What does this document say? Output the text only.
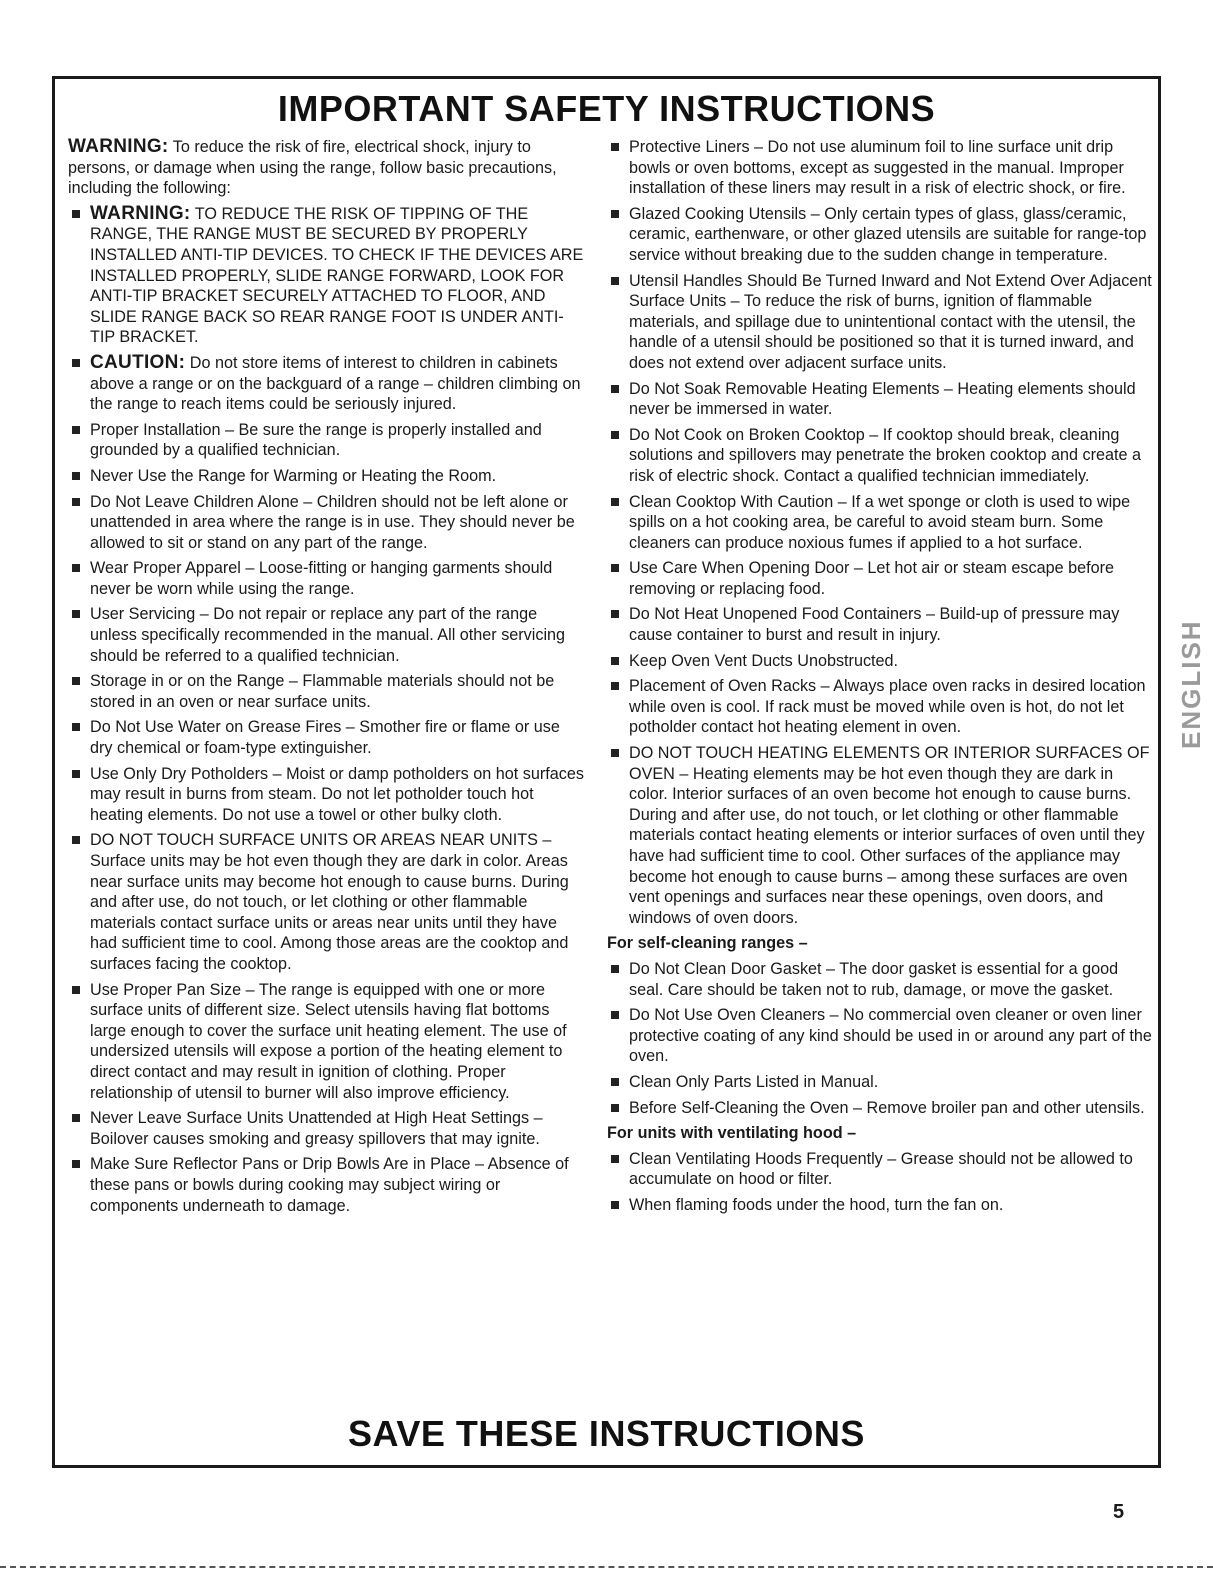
IMPORTANT SAFETY INSTRUCTIONS

WARNING: To reduce the risk of fire, electrical shock, injury to persons, or damage when using the range, follow basic precautions, including the following:

WARNING: TO REDUCE THE RISK OF TIPPING OF THE RANGE, THE RANGE MUST BE SECURED BY PROPERLY INSTALLED ANTI-TIP DEVICES. TO CHECK IF THE DEVICES ARE INSTALLED PROPERLY, SLIDE RANGE FORWARD, LOOK FOR ANTI-TIP BRACKET SECURELY ATTACHED TO FLOOR, AND SLIDE RANGE BACK SO REAR RANGE FOOT IS UNDER ANTI-TIP BRACKET.
CAUTION: Do not store items of interest to children in cabinets above a range or on the backguard of a range – children climbing on the range to reach items could be seriously injured.
Proper Installation – Be sure the range is properly installed and grounded by a qualified technician.
Never Use the Range for Warming or Heating the Room.
Do Not Leave Children Alone – Children should not be left alone or unattended in area where the range is in use. They should never be allowed to sit or stand on any part of the range.
Wear Proper Apparel – Loose-fitting or hanging garments should never be worn while using the range.
User Servicing – Do not repair or replace any part of the range unless specifically recommended in the manual. All other servicing should be referred to a qualified technician.
Storage in or on the Range – Flammable materials should not be stored in an oven or near surface units.
Do Not Use Water on Grease Fires – Smother fire or flame or use dry chemical or foam-type extinguisher.
Use Only Dry Potholders – Moist or damp potholders on hot surfaces may result in burns from steam. Do not let potholder touch hot heating elements. Do not use a towel or other bulky cloth.
DO NOT TOUCH SURFACE UNITS OR AREAS NEAR UNITS – Surface units may be hot even though they are dark in color. Areas near surface units may become hot enough to cause burns. During and after use, do not touch, or let clothing or other flammable materials contact surface units or areas near units until they have had sufficient time to cool. Among those areas are the cooktop and surfaces facing the cooktop.
Use Proper Pan Size – The range is equipped with one or more surface units of different size. Select utensils having flat bottoms large enough to cover the surface unit heating element. The use of undersized utensils will expose a portion of the heating element to direct contact and may result in ignition of clothing. Proper relationship of utensil to burner will also improve efficiency.
Never Leave Surface Units Unattended at High Heat Settings – Boilover causes smoking and greasy spillovers that may ignite.
Make Sure Reflector Pans or Drip Bowls Are in Place – Absence of these pans or bowls during cooking may subject wiring or components underneath to damage.
Protective Liners – Do not use aluminum foil to line surface unit drip bowls or oven bottoms, except as suggested in the manual. Improper installation of these liners may result in a risk of electric shock, or fire.
Glazed Cooking Utensils – Only certain types of glass, glass/ceramic, ceramic, earthenware, or other glazed utensils are suitable for range-top service without breaking due to the sudden change in temperature.
Utensil Handles Should Be Turned Inward and Not Extend Over Adjacent Surface Units – To reduce the risk of burns, ignition of flammable materials, and spillage due to unintentional contact with the utensil, the handle of a utensil should be positioned so that it is turned inward, and does not extend over adjacent surface units.
Do Not Soak Removable Heating Elements – Heating elements should never be immersed in water.
Do Not Cook on Broken Cooktop – If cooktop should break, cleaning solutions and spillovers may penetrate the broken cooktop and create a risk of electric shock. Contact a qualified technician immediately.
Clean Cooktop With Caution – If a wet sponge or cloth is used to wipe spills on a hot cooking area, be careful to avoid steam burn. Some cleaners can produce noxious fumes if applied to a hot surface.
Use Care When Opening Door – Let hot air or steam escape before removing or replacing food.
Do Not Heat Unopened Food Containers – Build-up of pressure may cause container to burst and result in injury.
Keep Oven Vent Ducts Unobstructed.
Placement of Oven Racks – Always place oven racks in desired location while oven is cool. If rack must be moved while oven is hot, do not let potholder contact hot heating element in oven.
DO NOT TOUCH HEATING ELEMENTS OR INTERIOR SURFACES OF OVEN – Heating elements may be hot even though they are dark in color. Interior surfaces of an oven become hot enough to cause burns. During and after use, do not touch, or let clothing or other flammable materials contact heating elements or interior surfaces of oven until they have had sufficient time to cool. Other surfaces of the appliance may become hot enough to cause burns – among these surfaces are oven vent openings and surfaces near these openings, oven doors, and windows of oven doors.
For self-cleaning ranges –
Do Not Clean Door Gasket – The door gasket is essential for a good seal. Care should be taken not to rub, damage, or move the gasket.
Do Not Use Oven Cleaners – No commercial oven cleaner or oven liner protective coating of any kind should be used in or around any part of the oven.
Clean Only Parts Listed in Manual.
Before Self-Cleaning the Oven – Remove broiler pan and other utensils.
For units with ventilating hood –
Clean Ventilating Hoods Frequently – Grease should not be allowed to accumulate on hood or filter.
When flaming foods under the hood, turn the fan on.
SAVE THESE INSTRUCTIONS
ENGLISH
5
